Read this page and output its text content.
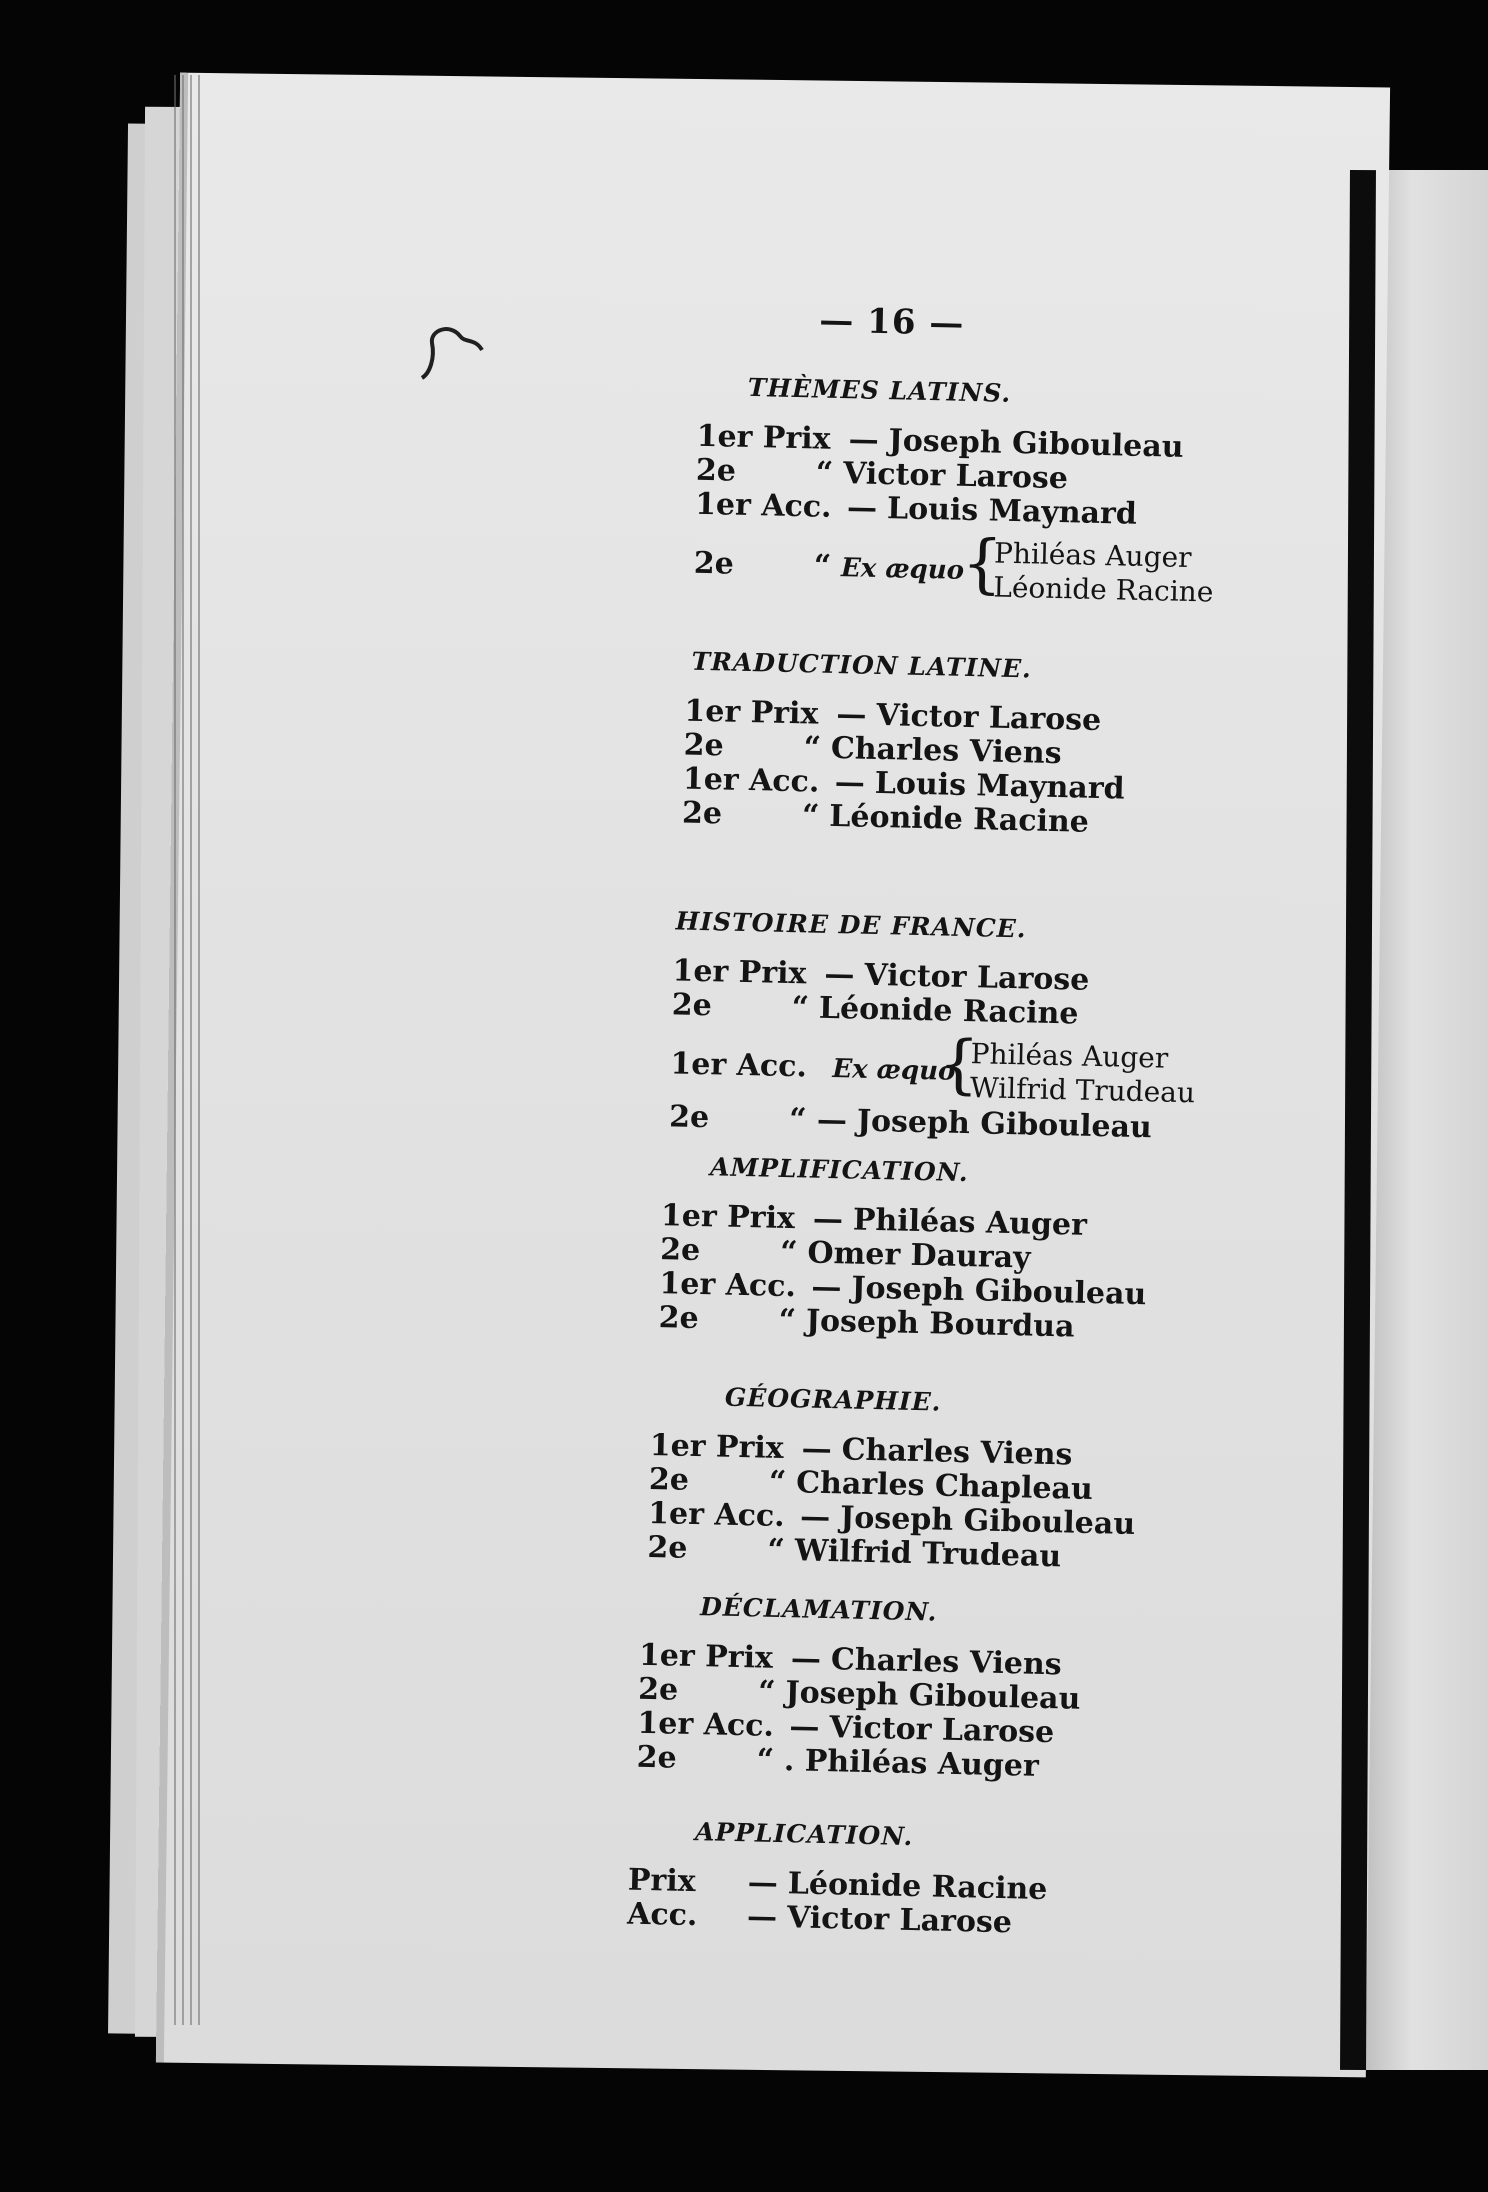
— 16 —
THÈMES LATINS.
1er Prix — Joseph Gibouleau
2e	“ Victor Larose
1er Acc. — Louis Maynard
2e	“ Ex æquo
{
Philéas Auger
Léonide Racine
TRADUCTION LATINE.
1er Prix — Victor Larose
2e	“ Charles Viens
1er Acc. — Louis Maynard
2e	“ Léonide Racine
HISTOIRE DE FRANCE.
1er Prix — Victor Larose
2e	“ Léonide Racine
1er Acc. Ex æquo
{
Philéas Auger
Wilfrid Trudeau
2e	“ — Joseph Gibouleau
AMPLIFICATION.
1er Prix — Philéas Auger
2e	“ Omer Dauray
1er Acc. — Joseph Gibouleau
2e	“ Joseph Bourdua
GÉOGRAPHIE.
1er Prix — Charles Viens
2e	“ Charles Chapleau
1er Acc. — Joseph Gibouleau
2e	“ Wilfrid Trudeau
DÉCLAMATION.
1er Prix — Charles Viens
2e	“ Joseph Gibouleau
1er Acc. — Victor Larose
2e	“ . Philéas Auger
APPLICATION.
Prix — Léonide Racine
Acc. — Victor Larose
